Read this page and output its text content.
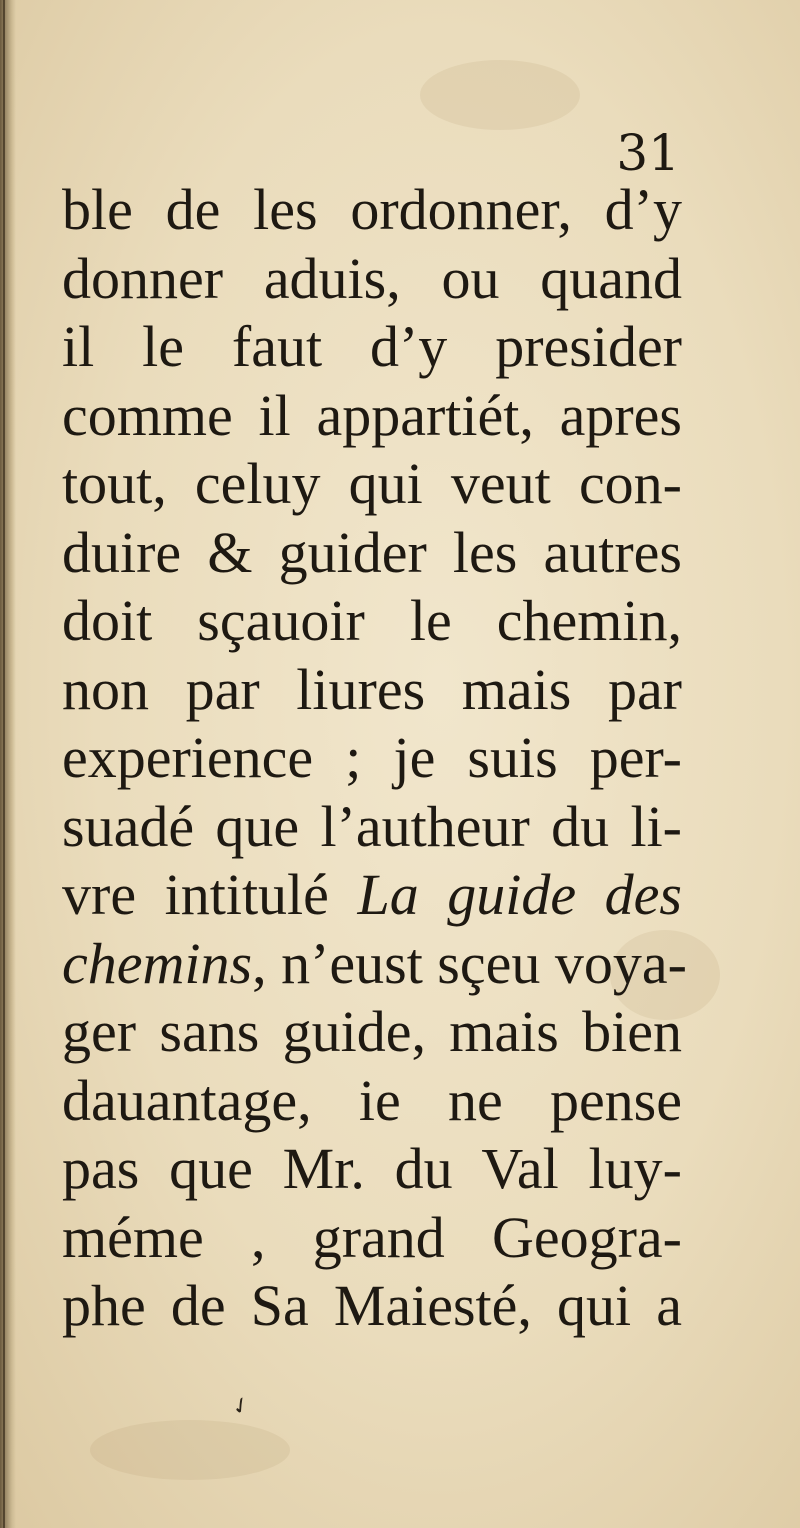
31
ble de les ordonner, d’y
donner aduis, ou quand
il le faut d’y presider
comme il appartiét, apres
tout, celuy qui veut con-
duire & guider les autres
doit sçauoir le chemin,
non par liures mais par
experience ; je suis per-
suadé que l’autheur du li-
vre intitulé La guide des
chemins, n’eust sçeu voya-
ger sans guide, mais bien
dauantage, ie ne pense
pas que Mr. du Val luy-
méme , grand Geogra-
phe de Sa Maiesté, qui a
✓
